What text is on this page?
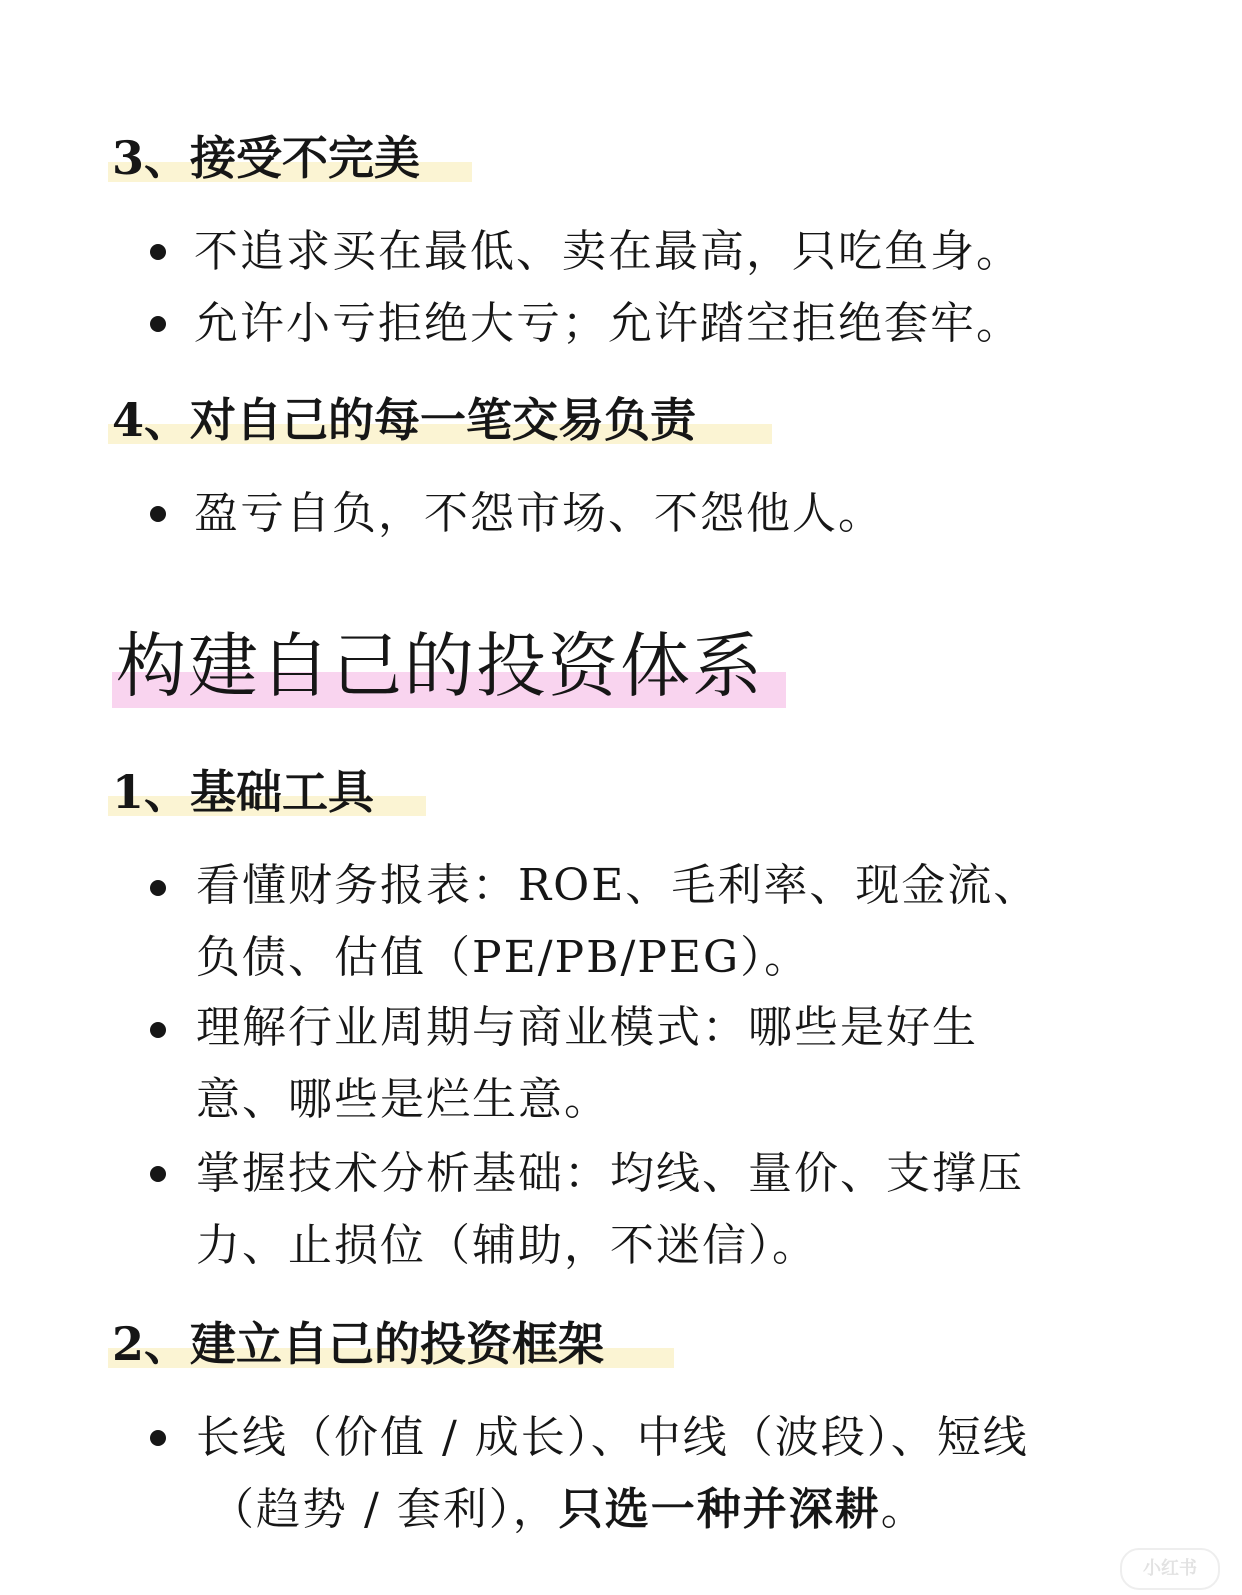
3、接受不完美
不追求买在最低、卖在最高，只吃鱼身。
允许小亏拒绝大亏；允许踏空拒绝套牢。
4、对自己的每一笔交易负责
盈亏自负，不怨市场、不怨他人。
构建自己的投资体系
1、基础工具
看懂财务报表：ROE、毛利率、现金流、
负债、估值（PE/PB/PEG）。
理解行业周期与商业模式：哪些是好生
意、哪些是烂生意。
掌握技术分析基础：均线、量价、支撑压
力、止损位（辅助，不迷信）。
2、建立自己的投资框架
长线（价值 / 成长）、中线（波段）、短线
（趋势 / 套利），只选一种并深耕。
小红书
